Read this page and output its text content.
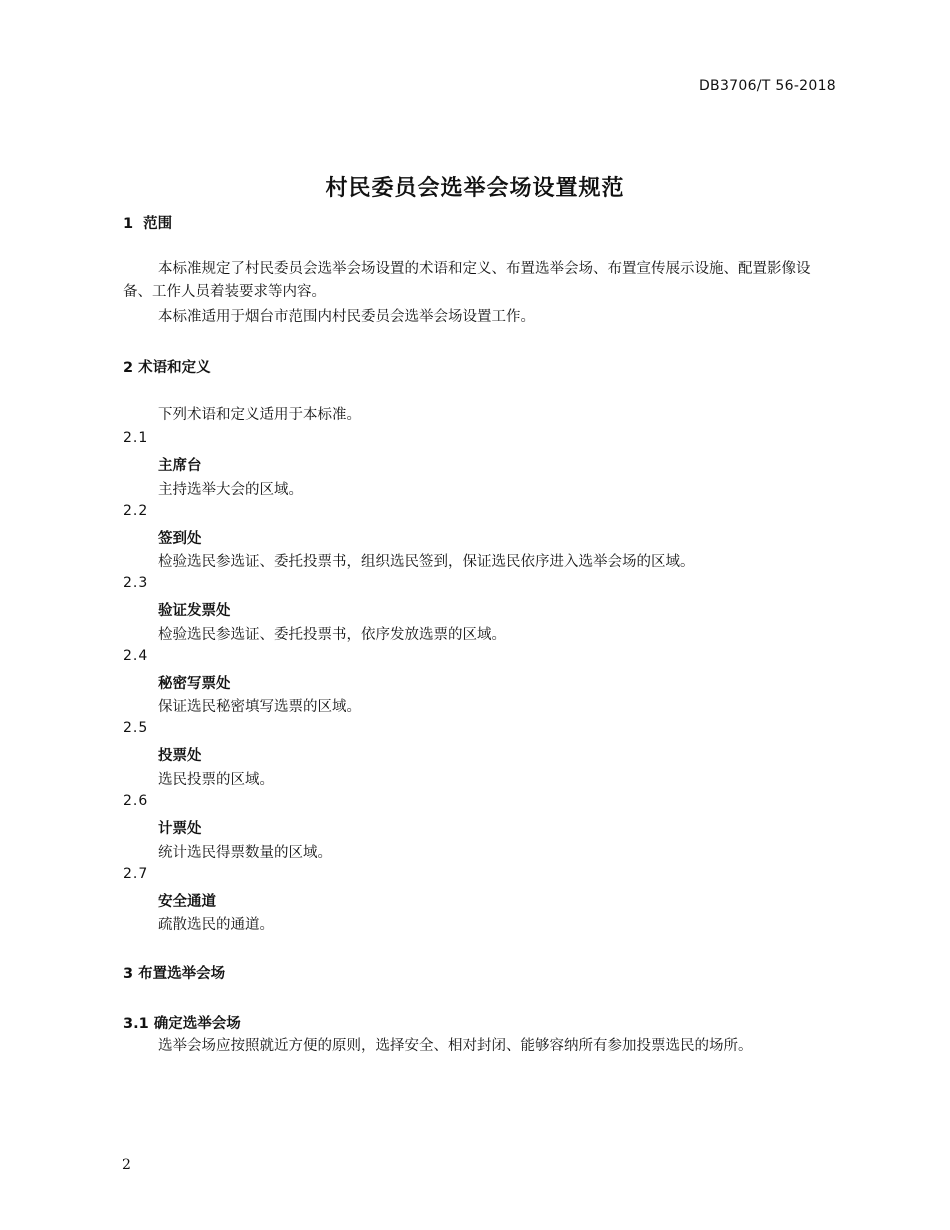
DB3706/T 56-2018
村民委员会选举会场设置规范
1  范围
本标准规定了村民委员会选举会场设置的术语和定义、布置选举会场、布置宣传展示设施、配置影像设备、工作人员着装要求等内容。
本标准适用于烟台市范围内村民委员会选举会场设置工作。
2 术语和定义
下列术语和定义适用于本标准。
2.1
主席台
主持选举大会的区域。
2.2
签到处
检验选民参选证、委托投票书，组织选民签到，保证选民依序进入选举会场的区域。
2.3
验证发票处
检验选民参选证、委托投票书，依序发放选票的区域。
2.4
秘密写票处
保证选民秘密填写选票的区域。
2.5
投票处
选民投票的区域。
2.6
计票处
统计选民得票数量的区域。
2.7
安全通道
疏散选民的通道。
3 布置选举会场
3.1 确定选举会场
选举会场应按照就近方便的原则，选择安全、相对封闭、能够容纳所有参加投票选民的场所。
2
